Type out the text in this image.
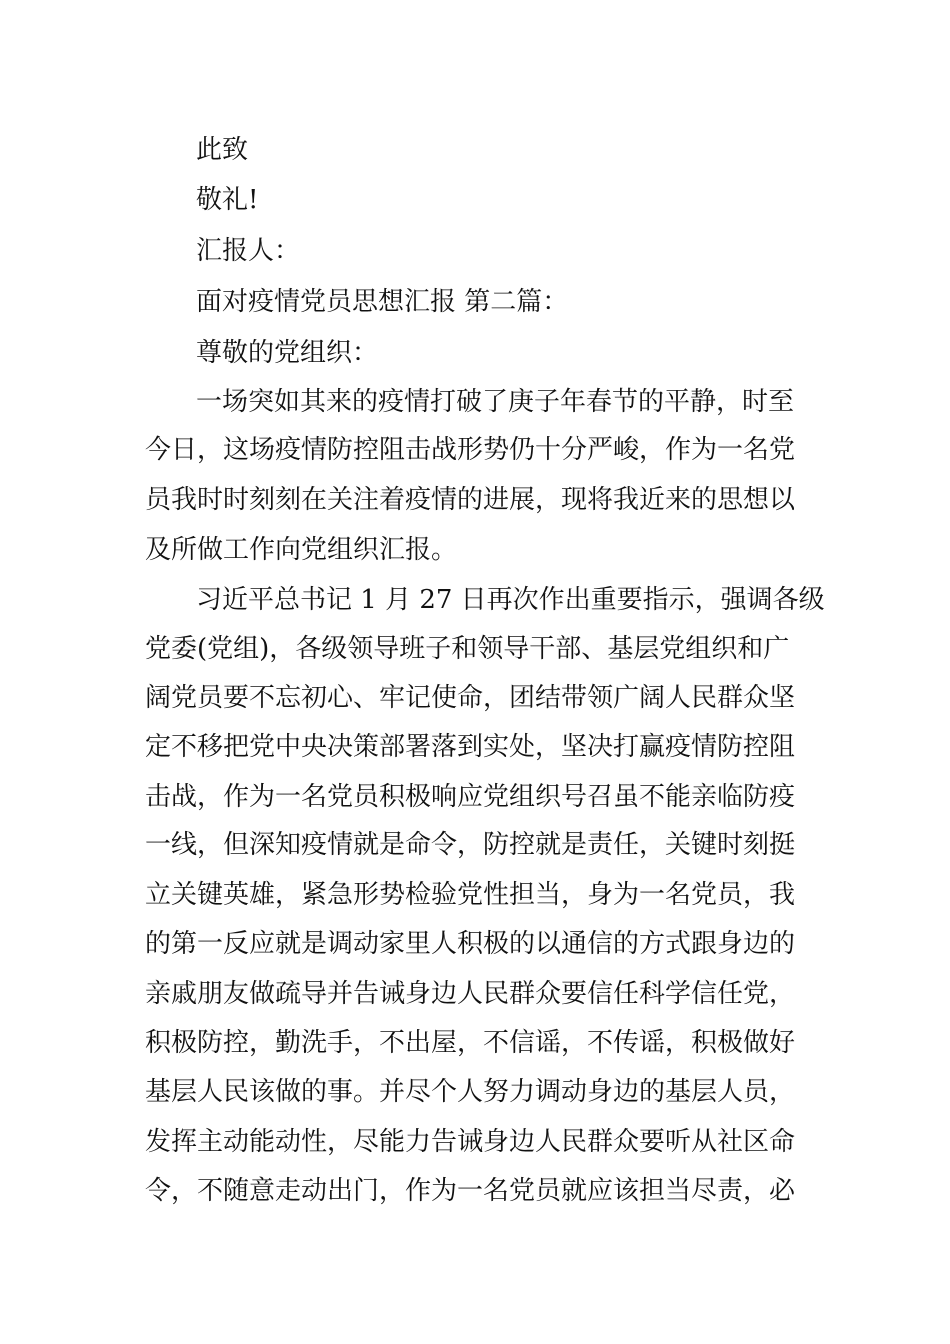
此致
敬礼!
汇报人：
面对疫情党员思想汇报 第二篇：
尊敬的党组织：
一场突如其来的疫情打破了庚子年春节的平静，时至
今日，这场疫情防控阻击战形势仍十分严峻，作为一名党
员我时时刻刻在关注着疫情的进展，现将我近来的思想以
及所做工作向党组织汇报。
习近平总书记 1 月 27 日再次作出重要指示，强调各级
党委(党组)，各级领导班子和领导干部、基层党组织和广
阔党员要不忘初心、牢记使命，团结带领广阔人民群众坚
定不移把党中央决策部署落到实处，坚决打赢疫情防控阻
击战，作为一名党员积极响应党组织号召虽不能亲临防疫
一线，但深知疫情就是命令，防控就是责任，关键时刻挺
立关键英雄，紧急形势检验党性担当，身为一名党员，我
的第一反应就是调动家里人积极的以通信的方式跟身边的
亲戚朋友做疏导并告诫身边人民群众要信任科学信任党，
积极防控，勤洗手，不出屋，不信谣，不传谣，积极做好
基层人民该做的事。并尽个人努力调动身边的基层人员，
发挥主动能动性，尽能力告诫身边人民群众要听从社区命
令，不随意走动出门，作为一名党员就应该担当尽责，必
